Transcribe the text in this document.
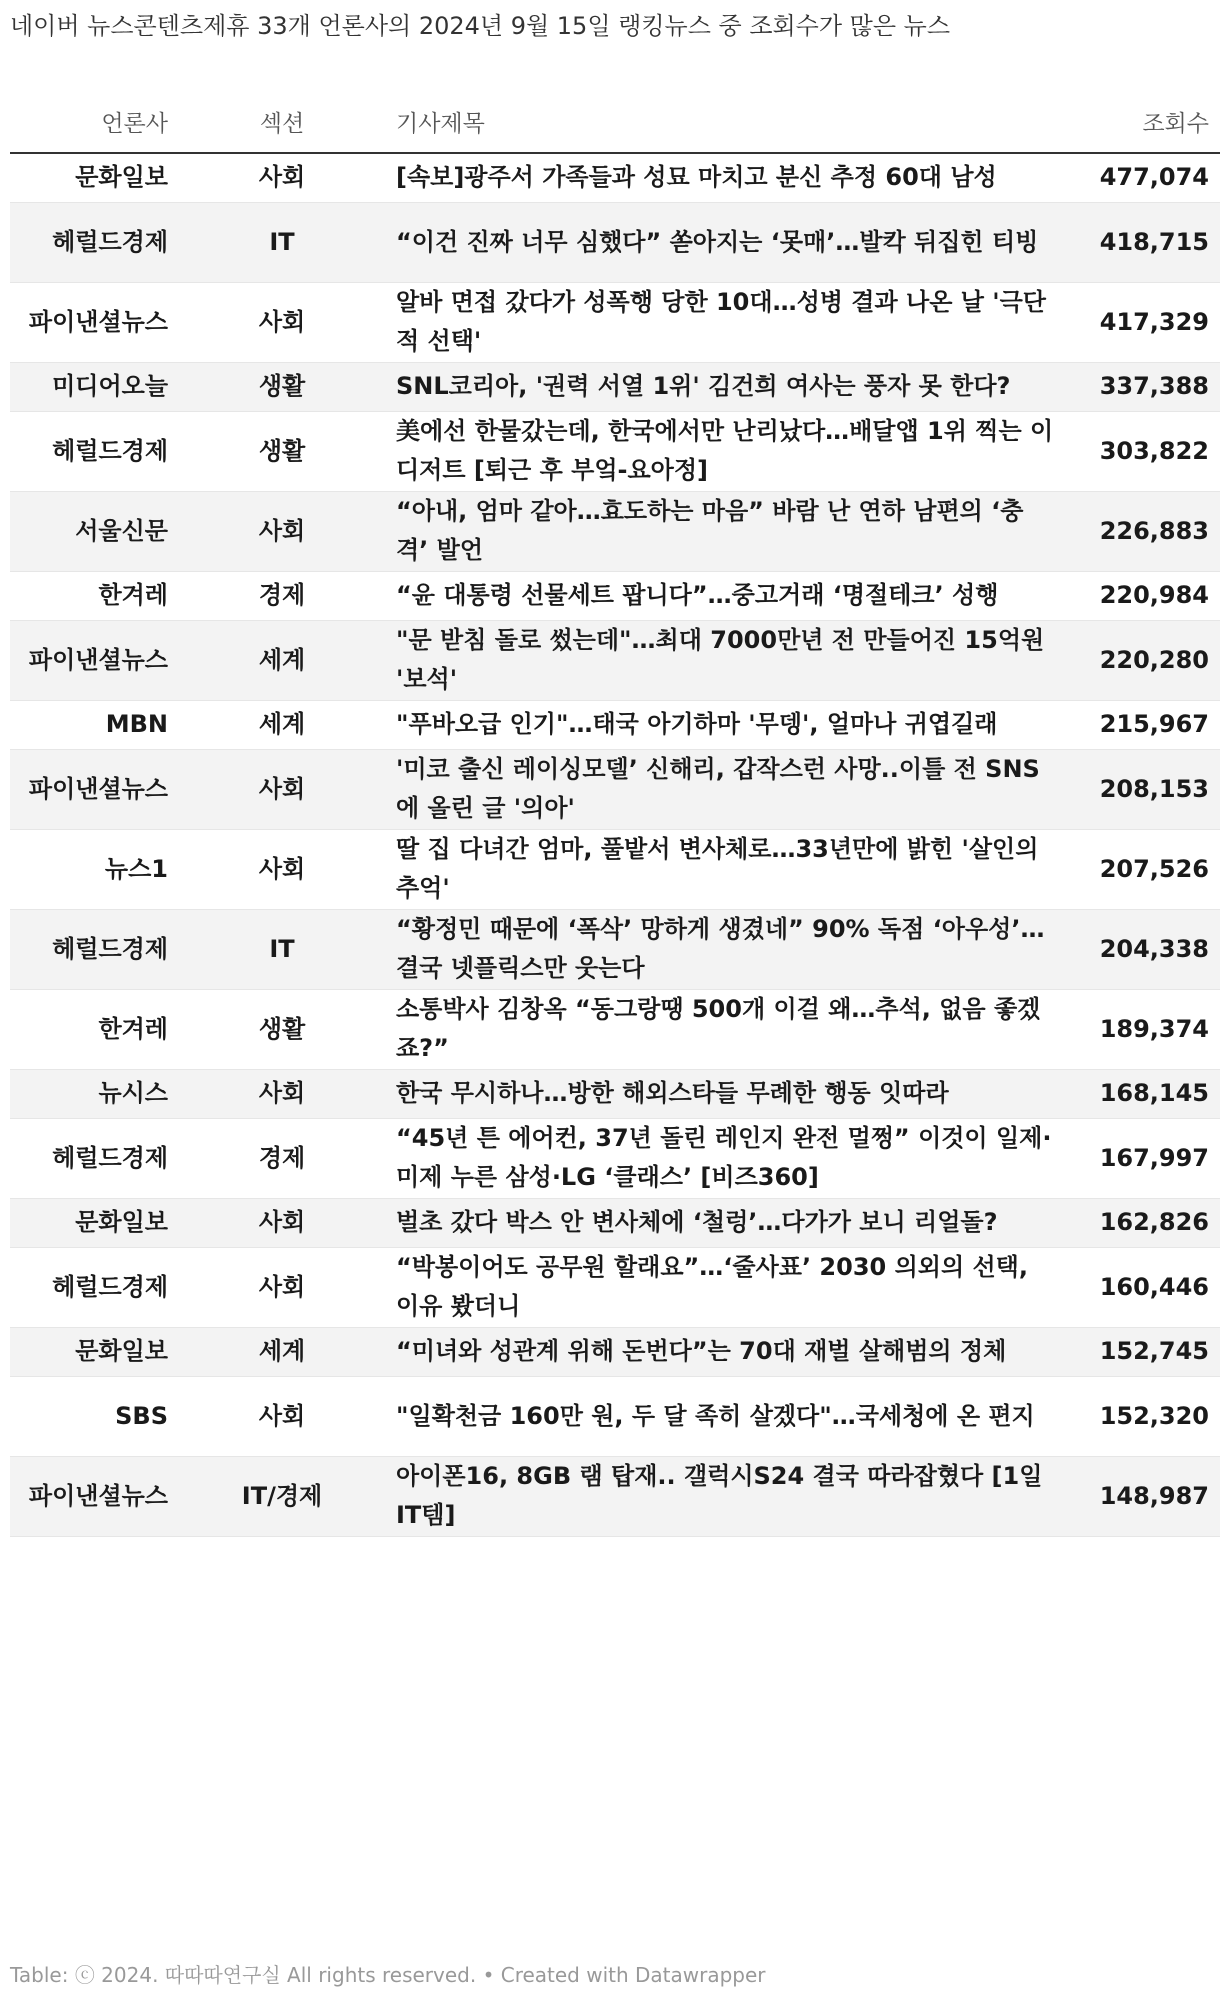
네이버 뉴스콘텐츠제휴 33개 언론사의 2024년 9월 15일 랭킹뉴스 중 조회수가 많은 뉴스
언론사	섹션	기사제목	조회수
문화일보	사회	[속보]광주서 가족들과 성묘 마치고 분신 추정 60대 남성	477,074
헤럴드경제	IT	“이건 진짜 너무 심했다” 쏟아지는 ‘못매’…발칵 뒤집힌 티빙	418,715
파이낸셜뉴스	사회	알바 면접 갔다가 성폭행 당한 10대…성병 결과 나온 날 '극단적 선택'	417,329
미디어오늘	생활	SNL코리아, '권력 서열 1위' 김건희 여사는 풍자 못 한다?	337,388
헤럴드경제	생활	美에선 한물갔는데, 한국에서만 난리났다…배달앱 1위 찍는 이 디저트 [퇴근 후 부엌-요아정]	303,822
서울신문	사회	“아내, 엄마 같아…효도하는 마음” 바람 난 연하 남편의 ‘충격’ 발언	226,883
한겨레	경제	“윤 대통령 선물세트 팝니다”…중고거래 ‘명절테크’ 성행	220,984
파이낸셜뉴스	세계	"문 받침 돌로 썼는데"…최대 7000만년 전 만들어진 15억원 '보석'	220,280
MBN	세계	"푸바오급 인기"…태국 아기하마 '무뎅', 얼마나 귀엽길래	215,967
파이낸셜뉴스	사회	'미코 출신 레이싱모델’ 신해리, 갑작스런 사망..이틀 전 SNS에 올린 글 '의아'	208,153
뉴스1	사회	딸 집 다녀간 엄마, 풀밭서 변사체로…33년만에 밝힌 '살인의 추억'	207,526
헤럴드경제	IT	“황정민 때문에 ‘폭삭’ 망하게 생겼네” 90% 독점 ‘아우성’…결국 넷플릭스만 웃는다	204,338
한겨레	생활	소통박사 김창옥 “동그랑땡 500개 이걸 왜…추석, 없음 좋겠죠?”	189,374
뉴시스	사회	한국 무시하나…방한 해외스타들 무례한 행동 잇따라	168,145
헤럴드경제	경제	“45년 튼 에어컨, 37년 돌린 레인지 완전 멀쩡” 이것이 일제·미제 누른 삼성·LG ‘클래스’ [비즈360]	167,997
문화일보	사회	벌초 갔다 박스 안 변사체에 ‘철렁’…다가가 보니 리얼돌?	162,826
헤럴드경제	사회	“박봉이어도 공무원 할래요”…‘줄사표’ 2030 의외의 선택, 이유 봤더니	160,446
문화일보	세계	“미녀와 성관계 위해 돈번다”는 70대 재벌 살해범의 정체	152,745
SBS	사회	"일확천금 160만 원, 두 달 족히 살겠다"…국세청에 온 편지	152,320
파이낸셜뉴스	IT/경제	아이폰16, 8GB 램 탑재.. 갤럭시S24 결국 따라잡혔다 [1일IT템]	148,987
Table: ⓒ 2024. 따따따연구실 All rights reserved. • Created with Datawrapper
